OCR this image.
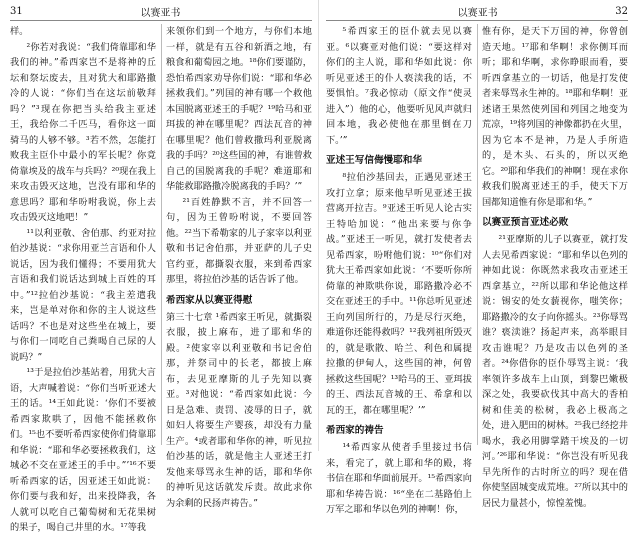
31	以赛亚书	以赛亚书	32

样。

²你若对我说：“我们倚靠耶和华我们的神。”希西家岂不是将神的丘坛和祭坛废去，且对犹大和耶路撒冷的人说：“你们当在这坛前敬拜吗？”³现在你把当头给我主亚述王，我给你二千匹马，看你这一面骑马的人够不够。³若不然，怎能打败我主臣仆中最小的军长呢？你竟倚靠埃及的战车与兵吗？²⁰现在我上来攻击毁灭这地，岂没有耶和华的意思吗？耶和华吩咐我说，你上去攻击毁灭这地吧！”

¹¹以利亚敬、舍伯那、约亚对拉伯沙基说：“求你用亚兰言语和仆人说话，因为我们懂得；不要用犹大言语和我们说话达到城上百姓的耳中。”¹²拉伯沙基说：“我主差遣我来，岂是单对你和你的主人说这些话吗？不也是对这些坐在城上，要与你们一同吃自己粪喝自己尿的人说吗？”

¹³于是拉伯沙基站着，用犹大言语，大声喊着说：“你们当听亚述大王的话。¹⁴王如此说：‘你们不要被希西家欺哄了，因他不能拯救你们。¹⁵也不要听希西家使你们倚靠耶和华说：“耶和华必要拯救我们，这城必不交在亚述王的手中。”’¹⁶不要听希西家的话，因亚述王如此说：你们要与我和好，出来投降我，各人就可以吃自己葡萄树和无花果树的果子，喝自己井里的水。¹⁷等我

来领你们到一个地方，与你们本地一样，就是有五谷和新酒之地，有粮食和葡萄园之地。¹⁸你们要谨防，恐怕希西家劝导你们说：“耶和华必拯救我们。”列国的神有哪一个救他本国脱离亚述王的手呢？¹⁹哈马和亚珥拔的神在哪里呢？西法瓦音的神在哪里呢？他们曾救撒玛利亚脱离我的手吗？²⁰这些国的神，有谁曾救自己的国脱离我的手呢？难道耶和华能救耶路撒冷脱离我的手吗？’”

²¹百姓静默不言，并不回答一句，因为王曾吩咐说，不要回答他。²²当下希勒家的儿子家宰以利亚敬和书记舍伯那，并亚萨的儿子史官约亚，都撕裂衣服，来到希西家那里，将拉伯沙基的话告诉了他。

希西家从以赛亚得慰

第三十七章 ¹希西家王听见，就撕裂衣服，披上麻布，进了耶和华的殿。²使家宰以利亚敬和书记舍伯那，并祭司中的长老，都披上麻布，去见亚摩斯的儿子先知以赛亚。³对他说：“希西家如此说：今日是急难、责罚、凌辱的日子，就如妇人将要生产婴孩，却没有力量生产。⁴或者耶和华你的神，听见拉伯沙基的话，就是他主人亚述王打发他来辱骂永生神的话，耶和华你的神听见这话就发斥责。故此求你为余剩的民扬声祷告。”

⁵希西家王的臣仆就去见以赛亚。⁶以赛亚对他们说：“要这样对你们的主人说，耶和华如此说：你听见亚述王的仆人亵渎我的话，不要惧怕。⁷我必惊动（原文作“使灵进入”）他的心，他要听见风声就归回本地，我必使他在那里倒在刀下。’”

亚述王写信侮慢耶和华

⁸拉伯沙基回去，正遇见亚述王攻打立拿；原来他早听见亚述王拔营离开拉吉。⁹亚述王听见人论古实王特哈加说：“他出来要与你争战。”亚述王一听见，就打发使者去见希西家，吩咐他们说：¹⁰“你们对犹大王希西家如此说：‘不要听你所倚靠的神欺哄你说，耶路撒冷必不交在亚述王的手中。¹¹你总听见亚述王向列国所行的，乃是尽行灭绝，难道你还能得救吗？¹²我列祖所毁灭的，就是歌散、哈兰、利色和属提拉撒的伊甸人，这些国的神，何曾拯救这些国呢？¹³哈马的王、亚珥拔的王、西法瓦音城的王、希拿和以瓦的王，都在哪里呢？’”

希西家的祷告

¹⁴希西家从使者手里接过书信来，看完了，就上耶和华的殿，将书信在耶和华面前展开。¹⁵希西家向耶和华祷告说：¹⁶“坐在二基路伯上万军之耶和华以色列的神啊！你，

惟有你，是天下万国的神，你曾创造天地。¹⁷耶和华啊！求你侧耳而听；耶和华啊，求你睁眼而看，要听西拿基立的一切话，他是打发使者来辱骂永生神的。¹⁸耶和华啊！亚述诸王果然使列国和列国之地变为荒凉，¹⁹将列国的神像都扔在火里，因为它本不是神，乃是人手所造的，是木头、石头的，所以灭绝它。²⁰耶和华我们的神啊！现在求你救我们脱离亚述王的手，使天下万国都知道惟有你是耶和华。”

以赛亚预言亚述必败

²¹亚摩斯的儿子以赛亚，就打发人去见希西家说：“耶和华以色列的神如此说：你既然求我攻击亚述王西拿基立，²²所以耶和华论他这样说：锡安的处女藐视你，嗤笑你；耶路撒冷的女子向你摇头。²³你辱骂谁？亵渎谁？扬起声来，高举眼目攻击谁呢？乃是攻击以色列的圣者。²⁴你借你的臣仆辱骂主说：‘我率领许多战车上山顶，到黎巴嫩极深之处，我要砍伐其中高大的香柏树和佳美的松树，我必上极高之处，进入肥田的树林。²⁵我已经挖井喝水，我必用脚掌踏干埃及的一切河。’²⁶耶和华说：“你岂没有听见我早先所作的古时所立的吗？现在借你使坚固城变成荒堆。²⁷所以其中的居民力量甚小，惊惶羞愧。
